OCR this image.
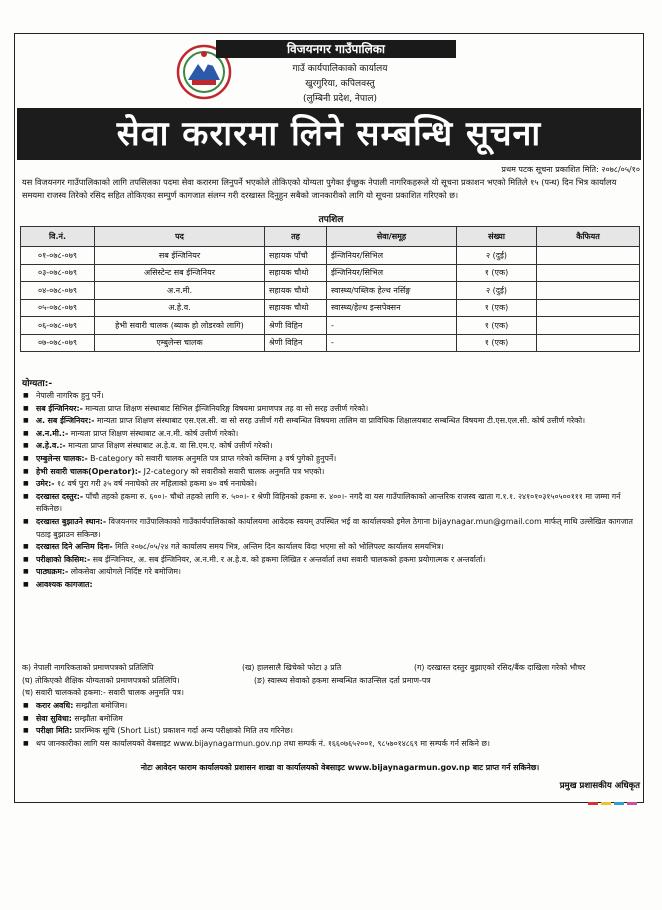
विजयनगर गाउँपालिका
गाउँ कार्यपालिकाको कार्यालय
खुरगुरिया, कपिलवस्तु
(लुम्बिनी प्रदेश, नेपाल)
सेवा करारमा लिने सम्बन्धि सूचना
प्रथम पटक सूचना प्रकाशित मिति: २०७८/०५/१०
यस विजयनगर गाउँपालिकाको लागि तपसिलका पदमा सेवा करारमा लिनुपर्ने भएकोले तोकिएको योग्यता पुगेका ईच्छुक नेपाली नागरिकहरूले यो सूचना प्रकाशन भएको मितिले १५ (पन्ध) दिन भित्र कार्यालय समयमा राजस्व तिरेको रसिद सहित तोकिएका सम्पुर्ण कागजात संलग्न गरी दरखास्त दिनुहुन सबैको जानकारीको लागि यो सूचना प्रकाशित गरिएको छ।
तपशिल
वि.नं.	पद	तह	सेवा/समूह	संख्या	कैफियत
०१-०७८-०७९	सब ईन्जिनियर	सहायक पाँचौ	ईन्जिनियर/सिभिल	२ (दुई)	
०३-०७८-०७९	असिस्टेन्ट सब ईन्जिनियर	सहायक चौथो	ईन्जिनियर/सिभिल	१ (एक)	
०४-०७८-०७९	अ.न.मी.	सहायक चौथो	स्वास्थ्य/पब्लिक हेल्थ नर्सिङ्ग	२ (दुई)	
०५-०७८-०७९	अ.हे.व.	सहायक चौथो	स्वास्थ्य/हेल्थ इन्सपेक्सन	१ (एक)	
०६-०७८-०७९	हेभी सवारी चालक (ब्याक हो लोडरको लागि)	श्रेणी विहिन	-	१ (एक)	
०७-०७८-०७९	एम्बुलेन्स चालक	श्रेणी विहिन	-	१ (एक)	
योग्यता:-
■ नेपाली नागरिक हुनु पर्ने।
■ सब ईन्जिनियर:- मान्यता प्राप्त शिक्षण संस्थाबाट सिभिल ईन्जिनियरिङ्ग विषयमा प्रमाणपत्र तह वा सो सरह उत्तीर्ण गरेको।
■ अ. सब ईन्जिनियर:- मान्यता प्राप्त शिक्षण संस्थाबाट एस.एल.सी. वा सो सरह उत्तीर्ण गरी सम्बन्धित विषयमा तालिम वा प्राविधिक शिक्षालयबाट सम्बन्धित विषयमा टी.एस.एल.सी. कोर्ष उत्तीर्ण गरेको।
■ अ.न.मी.:- मान्यता प्राप्त शिक्षण संस्थाबाट अ.न.मी. कोर्ष उत्तीर्ण गरेको।
■ अ.हे.व.:- मान्यता प्राप्त शिक्षण संस्थाबाट अ.हे.व. वा सि.एम.ए. कोर्ष उत्तीर्ण गरेको।
■ एम्बुलेन्स चालक:- B-category को सवारी चालक अनुमति पत्र प्राप्त गरेको कम्तिमा ३ वर्ष पुगेको हुनुपर्ने।
■ हेभी सवारी चालक(Operator):- J2-category को सवारीको सवारी चालक अनुमति पत्र भएको।
■ उमेर:- १८ वर्ष पुरा गरी ३५ वर्ष ननाघेको तर महिलाको हकमा ४० वर्ष ननाघेको।
■ दरखास्त दस्तुर:- पाँचौ तहको हकमा रु. ६००।- चौथो तहको लागि रु. ५००।- र श्रेणी विहिनको हकमा रु. ४००।- नगदै वा यस गाउँपालिकाको आन्तरिक राजस्व खाता ग.१.१. २४१०१०३१५०५००१११ मा जम्मा गर्न सकिनेछ।
■ दरखास्त बुझाउने स्थान:- विजयनगर गाउँपालिकाको गाउँकार्यपालिकाको कार्यालयमा आवेदक स्वयम् उपस्थित भई वा कार्यालयको इमेल ठेगाना bijaynagar.mun@gmail.com मार्फत् माथि उल्लेखित कागजात पठाइ बुझाउन सकिन्छ।
■ दरखास्त दिने अन्तिम दिनः- मिति २०७८/०५/२४ गते कार्यालय समय भित्र, अन्तिम दिन कार्यालय विदा भएमा सो को भोलिपल्ट कार्यालय समयभित्र।
■ परीक्षाको किसिम:- सब ईन्जिनियर, अ. सब ईन्जिनियर, अ.न.मी. र अ.हे.व. को हकमा लिखित र अन्तर्वार्ता तथा सवारी चालकको हकमा प्रयोगात्मक र अन्तर्वार्ता।
■ पाठ्यक्रम:- लोकसेवा आयोगले निर्दिष्ट गरे बमोजिम।
■ आवश्यक कागजात:
क) नेपाली नागरिकताको प्रमाणपत्रको प्रतिलिपि	(ख) हालसालै खिचेको फोटा ३ प्रति	(ग) दरखास्त दस्तुर बुझाएको रसिद/बैंक दाखिला गरेको भौचर
(घ) तोकिएको शैक्षिक योग्यताको प्रमाणपत्रको प्रतिलिपि।	(ङ) स्वास्थ्य सेवाको हकमा सम्बन्धित काउन्सिल दर्ता प्रमाण-पत्र
(च) सवारी चालकको हकमा:- सवारी चालक अनुमति पत्र।
■ करार अवधि: सम्झौता बमोजिम।
■ सेवा सुविधा: सम्झौता बमोजिम
■ परीक्षा मिति: प्रारम्भिक सूचि (Short List) प्रकाशन गर्दा अन्य परीक्षाको मिति तय गरिनेछ।
■ थप जानकारीका लागि यस कार्यालयको वेबसाइट www.bijaynagarmun.gov.np तथा सम्पर्क नं. १६६०७६५२००१, ९८५७०१४८६९ मा सम्पर्क गर्न सकिने छ।
नोटः आवेदन फाराम कार्यालयको प्रशासन शाखा वा कार्यालयको वेबसाइट www.bijaynagarmun.gov.np बाट प्राप्त गर्न सकिनेछ।
प्रमुख प्रशासकीय अधिकृत
